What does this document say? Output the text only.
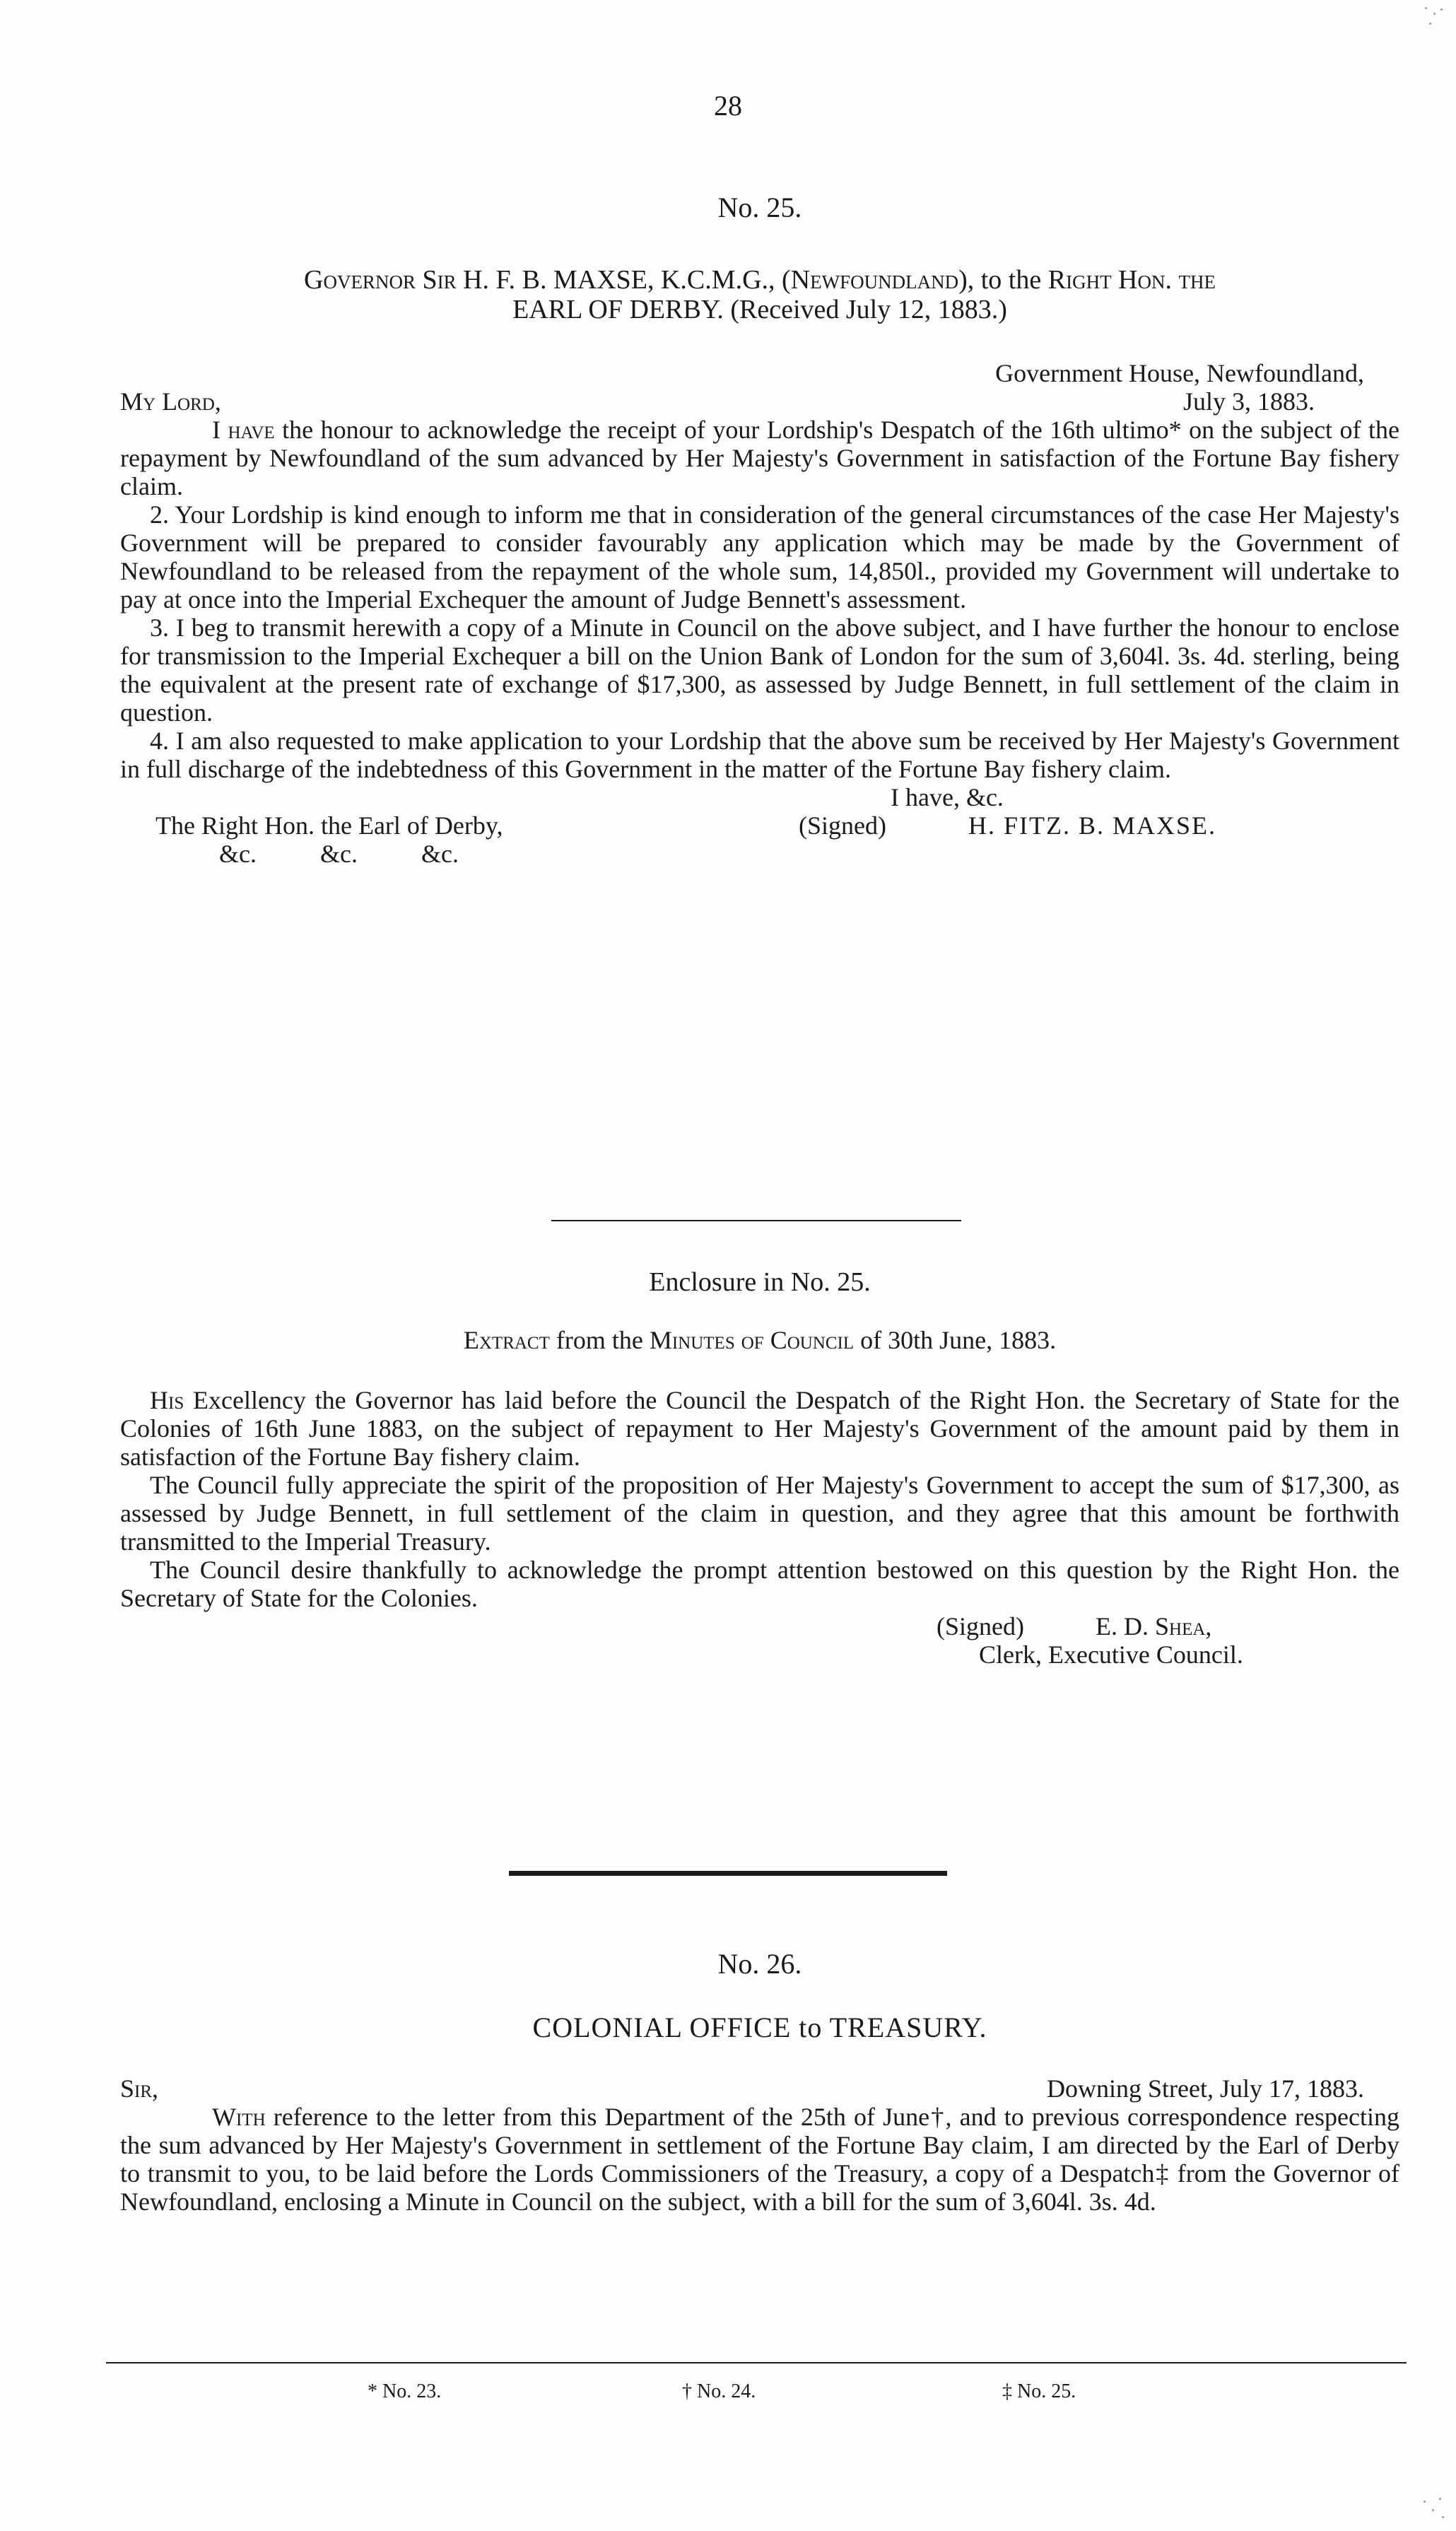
28
No. 25.

Governor Sir H. F. B. MAXSE, K.C.M.G., (Newfoundland), to the Right Hon. the

EARL OF DERBY. (Received July 12, 1883.)

Government House, Newfoundland,

My Lord,	July 3, 1883.

I have the honour to acknowledge the receipt of your Lordship's Despatch of the 16th ultimo* on the subject of the repayment by Newfoundland of the sum advanced by Her Majesty's Government in satisfaction of the Fortune Bay fishery claim.

2. Your Lordship is kind enough to inform me that in consideration of the general circumstances of the case Her Majesty's Government will be prepared to consider favourably any application which may be made by the Government of Newfoundland to be released from the repayment of the whole sum, 14,850l., provided my Government will undertake to pay at once into the Imperial Exchequer the amount of Judge Bennett's assessment.

3. I beg to transmit herewith a copy of a Minute in Council on the above subject, and I have further the honour to enclose for transmission to the Imperial Exchequer a bill on the Union Bank of London for the sum of 3,604l. 3s. 4d. sterling, being the equivalent at the present rate of exchange of $17,300, as assessed by Judge Bennett, in full settlement of the claim in question.

4. I am also requested to make application to your Lordship that the above sum be received by Her Majesty's Government in full discharge of the indebtedness of this Government in the matter of the Fortune Bay fishery claim.

I have, &c.

The Right Hon. the Earl of Derby,	(Signed)	H. FITZ. B. MAXSE.

&c.          &c.          &c.

Enclosure in No. 25.
Extract from the Minutes of Council of 30th June, 1883.

His Excellency the Governor has laid before the Council the Despatch of the Right Hon. the Secretary of State for the Colonies of 16th June 1883, on the subject of repayment to Her Majesty's Government of the amount paid by them in satisfaction of the Fortune Bay fishery claim.

The Council fully appreciate the spirit of the proposition of Her Majesty's Government to accept the sum of $17,300, as assessed by Judge Bennett, in full settlement of the claim in question, and they agree that this amount be forthwith transmitted to the Imperial Treasury.

The Council desire thankfully to acknowledge the prompt attention bestowed on this question by the Right Hon. the Secretary of State for the Colonies.

(Signed)	E. D. Shea,

Clerk, Executive Council.

No. 26.
COLONIAL OFFICE to TREASURY.
Sir,	Downing Street, July 17, 1883.

With reference to the letter from this Department of the 25th of June†, and to previous correspondence respecting the sum advanced by Her Majesty's Government in settlement of the Fortune Bay claim, I am directed by the Earl of Derby to transmit to you, to be laid before the Lords Commissioners of the Treasury, a copy of a Despatch‡ from the Governor of Newfoundland, enclosing a Minute in Council on the subject, with a bill for the sum of 3,604l. 3s. 4d.

* No. 23.	† No. 24.	‡ No. 25.
